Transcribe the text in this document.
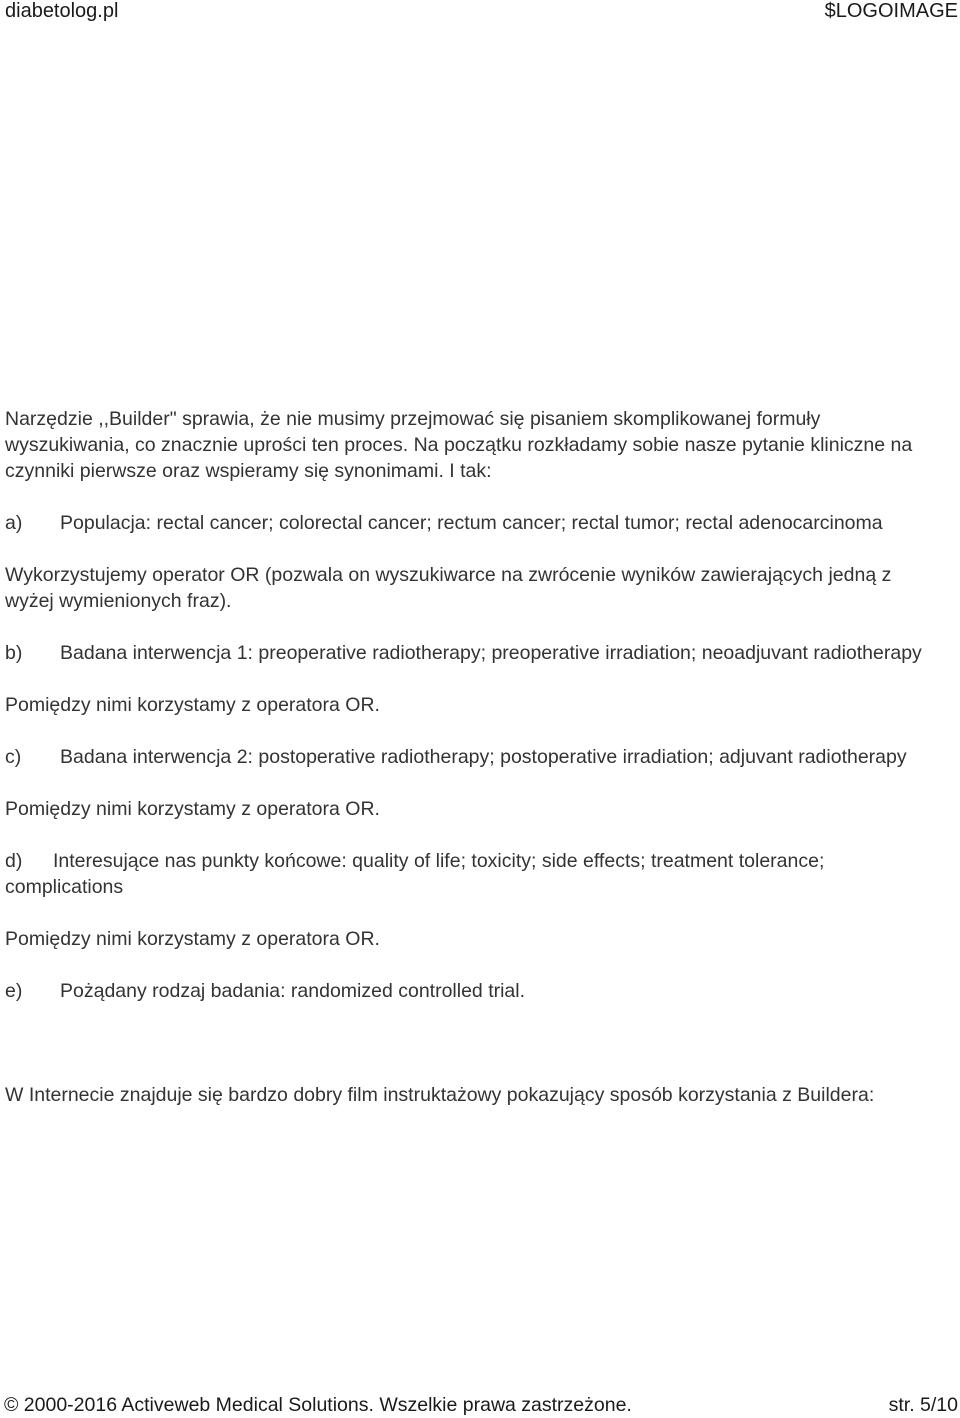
diabetolog.pl	$LOGOIMAGE

Narzędzie ,,Builder" sprawia, że nie musimy przejmować się pisaniem skomplikowanej formuły wyszukiwania, co znacznie uprości ten proces. Na początku rozkładamy sobie nasze pytanie kliniczne na czynniki pierwsze oraz wspieramy się synonimami. I tak:

a) Populacja: rectal cancer; colorectal cancer; rectum cancer; rectal tumor; rectal adenocarcinoma

Wykorzystujemy operator OR (pozwala on wyszukiwarce na zwrócenie wyników zawierających jedną z wyżej wymienionych fraz).

b) Badana interwencja 1: preoperative radiotherapy; preoperative irradiation; neoadjuvant radiotherapy

Pomiędzy nimi korzystamy z operatora OR.

c) Badana interwencja 2: postoperative radiotherapy; postoperative irradiation; adjuvant radiotherapy

Pomiędzy nimi korzystamy z operatora OR.

d) Interesujące nas punkty końcowe: quality of life; toxicity; side effects; treatment tolerance; complications

Pomiędzy nimi korzystamy z operatora OR.

e) Pożądany rodzaj badania: randomized controlled trial.

W Internecie znajduje się bardzo dobry film instruktażowy pokazujący sposób korzystania z Buildera:

© 2000-2016 Activeweb Medical Solutions. Wszelkie prawa zastrzeżone.	str. 5/10
